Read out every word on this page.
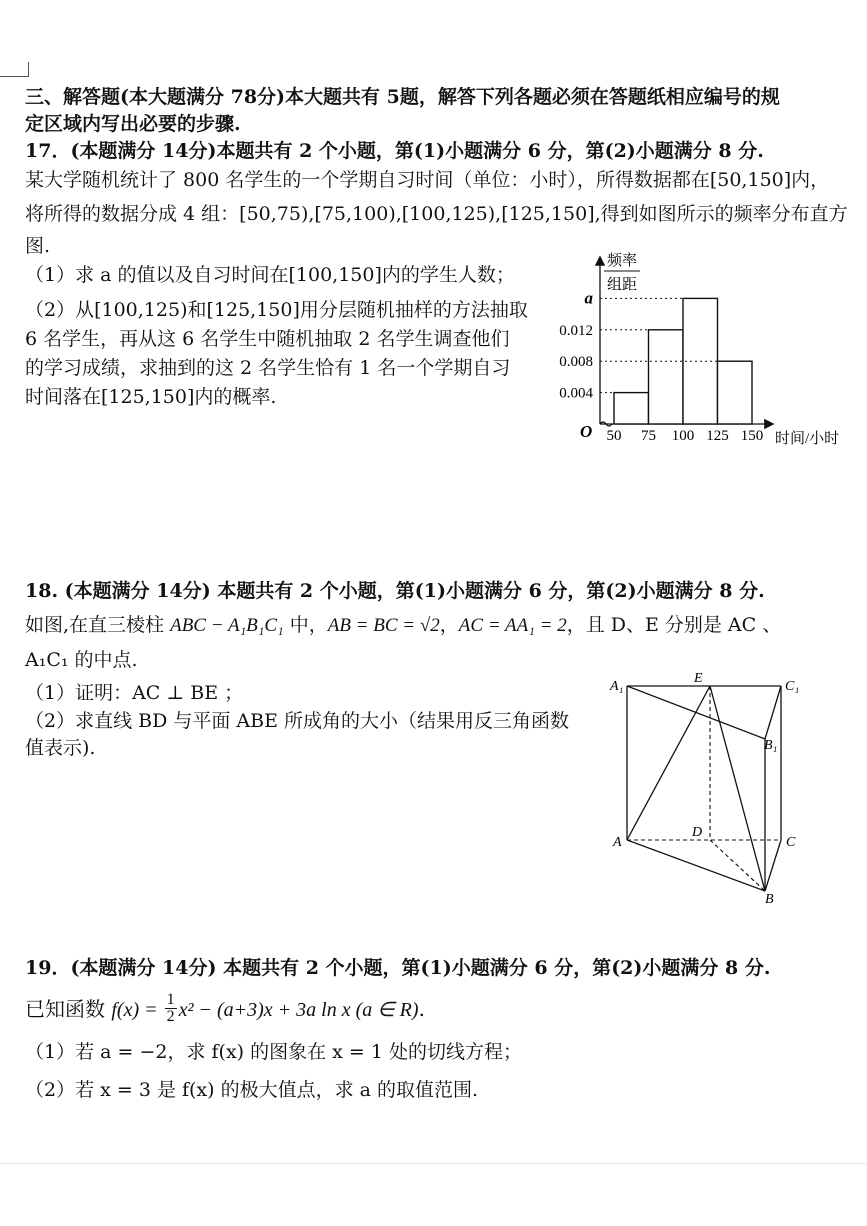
三、解答题(本大题满分 78分)本大题共有 5题，解答下列各题必须在答题纸相应编号的规
定区域内写出必要的步骤.
17．(本题满分 14分)本题共有 2 个小题，第(1)小题满分 6 分，第(2)小题满分 8 分.
某大学随机统计了 800 名学生的一个学期自习时间（单位：小时），所得数据都在[50,150]内，
将所得的数据分成 4 组：[50,75),[75,100),[100,125),[125,150],得到如图所示的频率分布直方
图.
（1）求 a 的值以及自习时间在[100,150]内的学生人数；
（2）从[100,125)和[125,150]用分层随机抽样的方法抽取
6 名学生，再从这 6 名学生中随机抽取 2 名学生调查他们
的学习成绩，求抽到的这 2 名学生恰有 1 名一个学期自习
时间落在[125,150]内的概率.
频率
组距
O	时间/小时
a
0.012
0.008
0.004
50 75 100 125 150
18. (本题满分 14分) 本题共有 2 个小题，第(1)小题满分 6 分，第(2)小题满分 8 分.
如图,在直三棱柱 ABC − A₁B₁C₁ 中，AB = BC = √2，AC = AA₁ = 2，且 D、E 分别是 AC 、
A₁C₁ 的中点.
（1）证明：AC ⊥ BE ；
（2）求直线 BD 与平面 ABE 所成角的大小（结果用反三角函数
值表示).
A₁
E
C₁
B₁
A
D
C
B
19．(本题满分 14分) 本题共有 2 个小题，第(1)小题满分 6 分，第(2)小题满分 8 分.
已知函数 $f(x) = \frac{1}{2} x^2 - (a+3)x + 3a$ ln x (a ∈ R).
（1）若 a = −2，求 f(x) 的图象在 x = 1 处的切线方程；
（2）若 x = 3 是 f(x) 的极大值点，求 a 的取值范围.
